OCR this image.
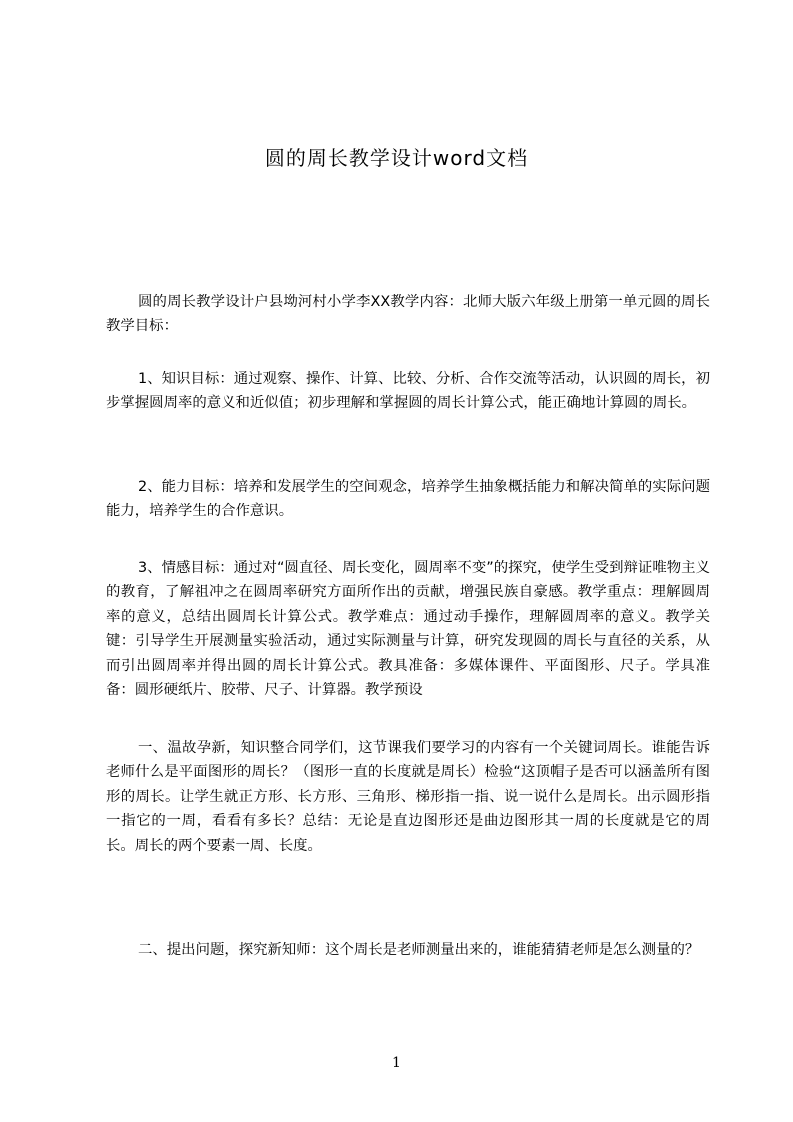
圆的周长教学设计word文档
圆的周长教学设计户县坳河村小学李XX教学内容：北师大版六年级上册第一单元圆的周长教学目标：
1、知识目标：通过观察、操作、计算、比较、分析、合作交流等活动，认识圆的周长，初步掌握圆周率的意义和近似值；初步理解和掌握圆的周长计算公式，能正确地计算圆的周长。
2、能力目标：培养和发展学生的空间观念，培养学生抽象概括能力和解决简单的实际问题能力，培养学生的合作意识。
3、情感目标：通过对“圆直径、周长变化，圆周率不变”的探究，使学生受到辩证唯物主义的教育，了解祖冲之在圆周率研究方面所作出的贡献，增强民族自豪感。教学重点：理解圆周率的意义，总结出圆周长计算公式。教学难点：通过动手操作，理解圆周率的意义。教学关键：引导学生开展测量实验活动，通过实际测量与计算，研究发现圆的周长与直径的关系，从而引出圆周率并得出圆的周长计算公式。教具准备：多媒体课件、平面图形、尺子。学具准备：圆形硬纸片、胶带、尺子、计算器。教学预设
一、温故孕新，知识整合同学们，这节课我们要学习的内容有一个关键词周长。谁能告诉老师什么是平面图形的周长？（图形一直的长度就是周长）检验“这顶帽子是否可以涵盖所有图形的周长。让学生就正方形、长方形、三角形、梯形指一指、说一说什么是周长。出示圆形指一指它的一周，看看有多长？总结：无论是直边图形还是曲边图形其一周的长度就是它的周长。周长的两个要素一周、长度。
二、提出问题，探究新知师：这个周长是老师测量出来的，谁能猜猜老师是怎么测量的？
1
